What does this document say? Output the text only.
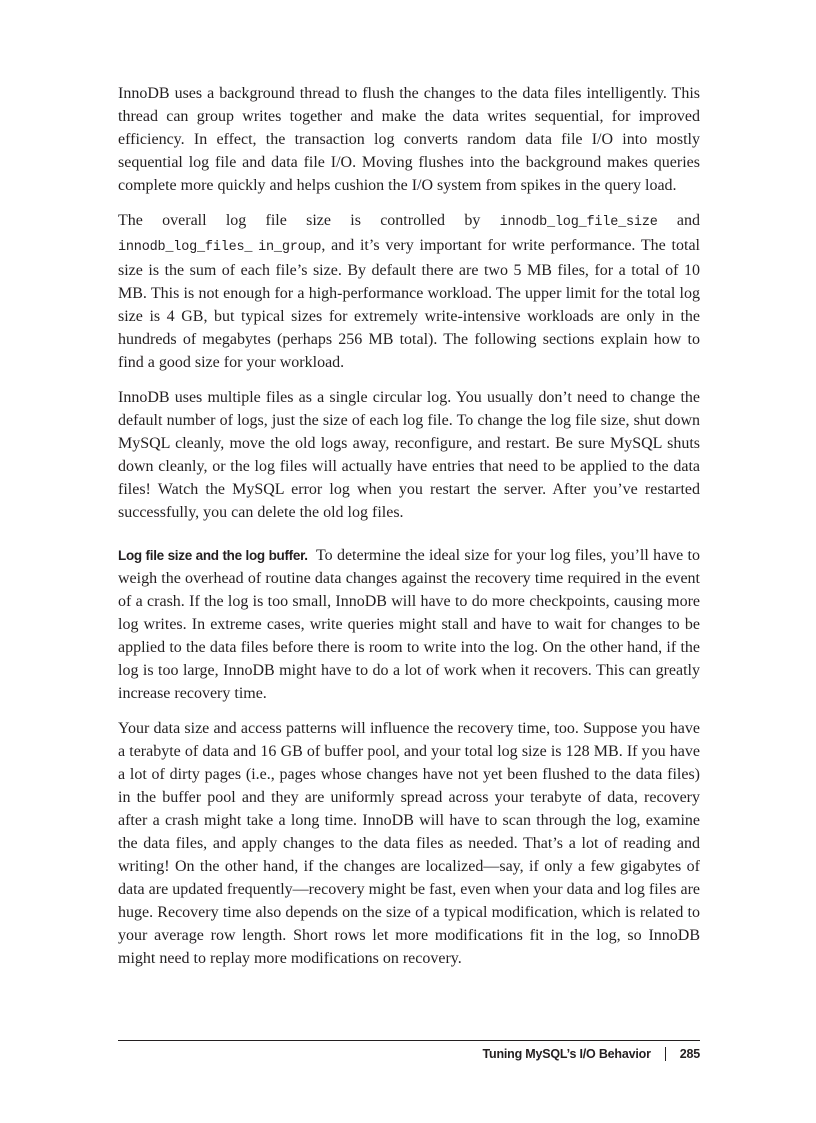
InnoDB uses a background thread to flush the changes to the data files intelligently. This thread can group writes together and make the data writes sequential, for improved efficiency. In effect, the transaction log converts random data file I/O into mostly sequential log file and data file I/O. Moving flushes into the background makes queries complete more quickly and helps cushion the I/O system from spikes in the query load.

The overall log file size is controlled by innodb_log_file_size and innodb_log_files_ in_group, and it’s very important for write performance. The total size is the sum of each file’s size. By default there are two 5 MB files, for a total of 10 MB. This is not enough for a high-performance workload. The upper limit for the total log size is 4 GB, but typical sizes for extremely write-intensive workloads are only in the hundreds of megabytes (perhaps 256 MB total). The following sections explain how to find a good size for your workload.

InnoDB uses multiple files as a single circular log. You usually don’t need to change the default number of logs, just the size of each log file. To change the log file size, shut down MySQL cleanly, move the old logs away, reconfigure, and restart. Be sure MySQL shuts down cleanly, or the log files will actually have entries that need to be applied to the data files! Watch the MySQL error log when you restart the server. After you’ve restarted successfully, you can delete the old log files.

Log file size and the log buffer. To determine the ideal size for your log files, you’ll have to weigh the overhead of routine data changes against the recovery time required in the event of a crash. If the log is too small, InnoDB will have to do more checkpoints, causing more log writes. In extreme cases, write queries might stall and have to wait for changes to be applied to the data files before there is room to write into the log. On the other hand, if the log is too large, InnoDB might have to do a lot of work when it recovers. This can greatly increase recovery time.

Your data size and access patterns will influence the recovery time, too. Suppose you have a terabyte of data and 16 GB of buffer pool, and your total log size is 128 MB. If you have a lot of dirty pages (i.e., pages whose changes have not yet been flushed to the data files) in the buffer pool and they are uniformly spread across your terabyte of data, recovery after a crash might take a long time. InnoDB will have to scan through the log, examine the data files, and apply changes to the data files as needed. That’s a lot of reading and writing! On the other hand, if the changes are localized—say, if only a few gigabytes of data are updated frequently—recovery might be fast, even when your data and log files are huge. Recovery time also depends on the size of a typical modification, which is related to your average row length. Short rows let more modifications fit in the log, so InnoDB might need to replay more modifications on recovery.

Tuning MySQL’s I/O Behavior 285
